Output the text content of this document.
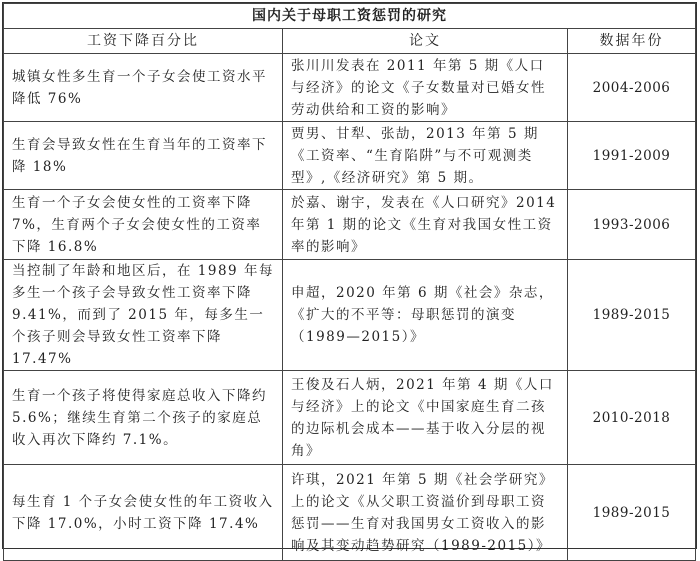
国内关于母职工资惩罚的研究		
工资下降百分比	论文	数据年份
城镇女性多生育一个子女会使工资水平降低 76%	张川川发表在 2011 年第 5 期《人口与经济》的论文《子女数量对已婚女性劳动供给和工资的影响》	2004-2006
生育会导致女性在生育当年的工资率下降 18%	贾男、甘犁、张劼，2013 年第 5 期《工资率、“生育陷阱”与不可观测类型》,《经济研究》第 5 期。	1991-2009
生育一个子女会使女性的工资率下降7%，生育两个子女会使女性的工资率下降 16.8%	於嘉、谢宇，发表在《人口研究》2014年第 1 期的论文《生育对我国女性工资率的影响》	1993-2006
当控制了年龄和地区后，在 1989 年每多生一个孩子会导致女性工资率下降9.41%，而到了 2015 年，每多生一个孩子则会导致女性工资率下降 17.47%	申超，2020 年第 6 期《社会》杂志，《扩大的不平等：母职惩罚的演变（1989—2015）》	1989-2015
生育一个孩子将使得家庭总收入下降约 5.6%；继续生育第二个孩子的家庭总收入再次下降约 7.1%。	王俊及石人炳，2021 年第 4 期《人口与经济》上的论文《中国家庭生育二孩的边际机会成本——基于收入分层的视角》	2010-2018
每生育 1 个子女会使女性的年工资收入下降 17.0%，小时工资下降 17.4%	许琪，2021 年第 5 期《社会学研究》上的论文《从父职工资溢价到母职工资惩罚——生育对我国男女工资收入的影响及其变动趋势研究（1989-2015）》	1989-2015
